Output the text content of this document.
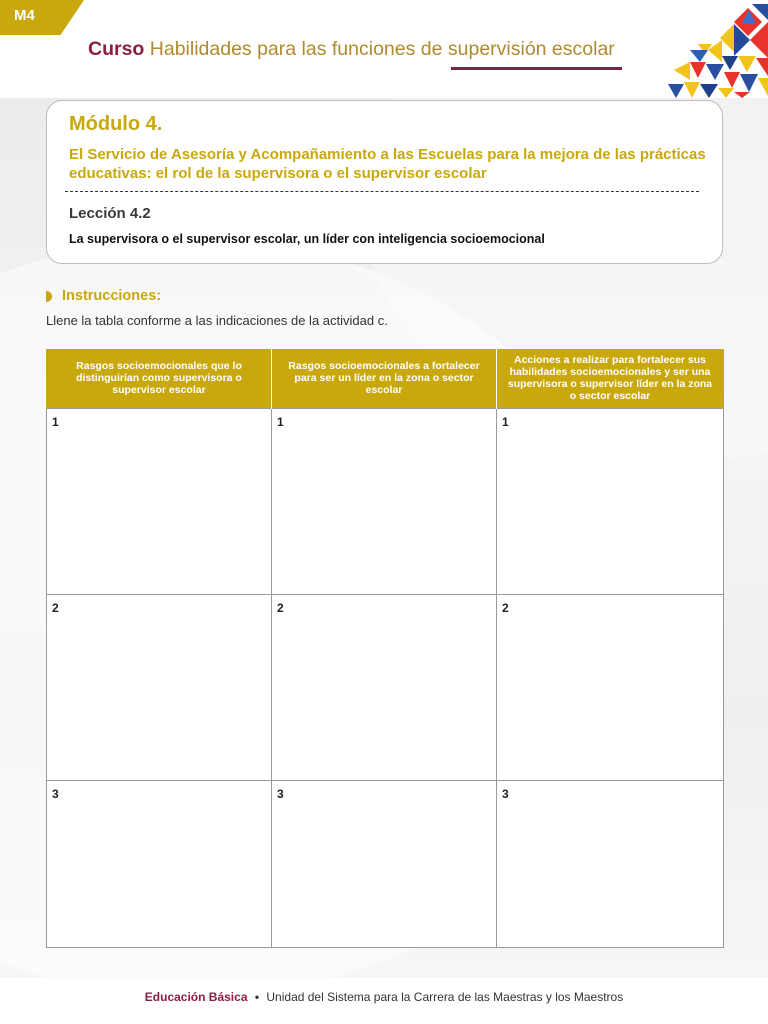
M4
Curso Habilidades para las funciones de supervisión escolar
Módulo 4.
El Servicio de Asesoría y Acompañamiento a las Escuelas para la mejora de las prácticas educativas: el rol de la supervisora o el supervisor escolar
Lección 4.2
La supervisora o el supervisor escolar, un líder con inteligencia socioemocional
Instrucciones:
Llene la tabla conforme a las indicaciones de la actividad c.
Rasgos socioemocionales que lo distinguirían como supervisora o supervisor escolar	Rasgos socioemocionales a fortalecer para ser un líder en la zona o sector escolar	Acciones a realizar para fortalecer sus habilidades socioemocionales y ser una supervisora o supervisor líder en la zona o sector escolar
1	1	1
2	2	2
3	3	3
Educación Básica • Unidad del Sistema para la Carrera de las Maestras y los Maestros
